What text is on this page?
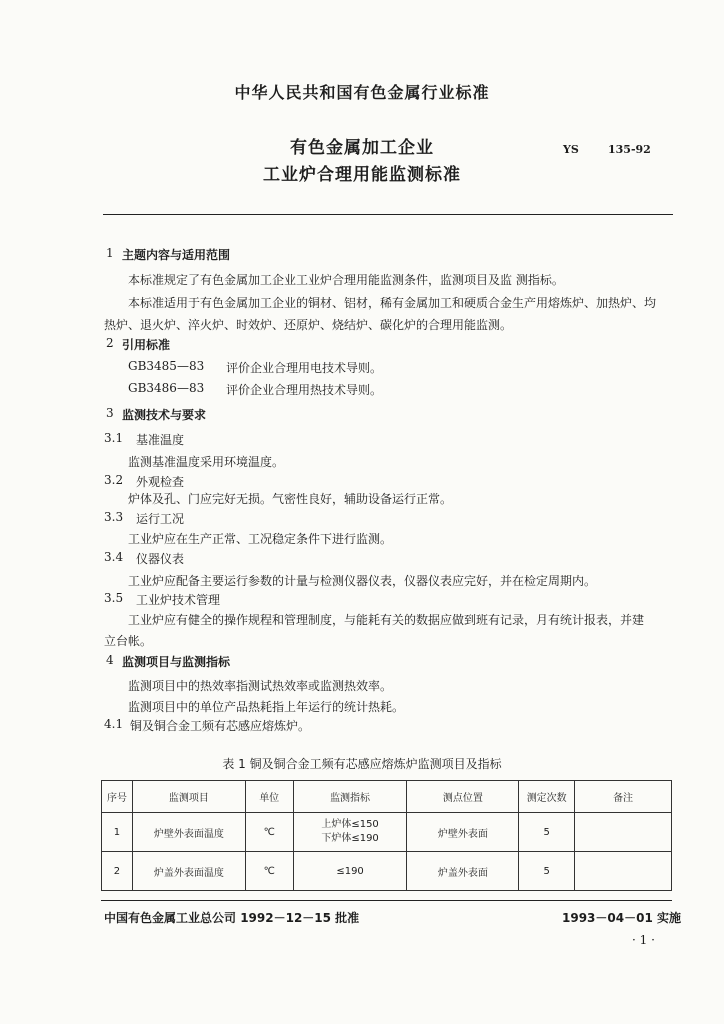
中华人民共和国有色金属行业标准
有色金属加工企业
工业炉合理用能监测标准
YS	135-92
1 主题内容与适用范围
本标准规定了有色金属加工企业工业炉合理用能监测条件，监测项目及监 测指标。
本标准适用于有色金属加工企业的铜材、铝材，稀有金属加工和硬质合金生产用熔炼炉、加热炉、均
热炉、退火炉、淬火炉、时效炉、还原炉、烧结炉、碳化炉的合理用能监测。
2 引用标准
GB3485—83 评价企业合理用电技术导则。
GB3486—83 评价企业合理用热技术导则。
3 监测技术与要求
3.1 基准温度
监测基准温度采用环境温度。
3.2 外观检查
炉体及孔、门应完好无损。气密性良好，辅助设备运行正常。
3.3 运行工况
工业炉应在生产正常、工况稳定条件下进行监测。
3.4 仪器仪表
工业炉应配备主要运行参数的计量与检测仪器仪表，仪器仪表应完好，并在检定周期内。
3.5 工业炉技术管理
工业炉应有健全的操作规程和管理制度，与能耗有关的数据应做到班有记录，月有统计报表，并建
立台帐。
4 监测项目与监测指标
监测项目中的热效率指测试热效率或监测热效率。
监测项目中的单位产品热耗指上年运行的统计热耗。
4.1 铜及铜合金工频有芯感应熔炼炉。
表 1 铜及铜合金工频有芯感应熔炼炉监测项目及指标
序号	监测项目	单位	监测指标	测点位置	测定次数	备注
1	炉壁外表面温度	℃	上炉体≤150
下炉体≤190	炉壁外表面	5	
2	炉盖外表面温度	℃	≤190	炉盖外表面	5	
中国有色金属工业总公司 1992－12－15 批准	1993－04－01 实施
· 1 ·
